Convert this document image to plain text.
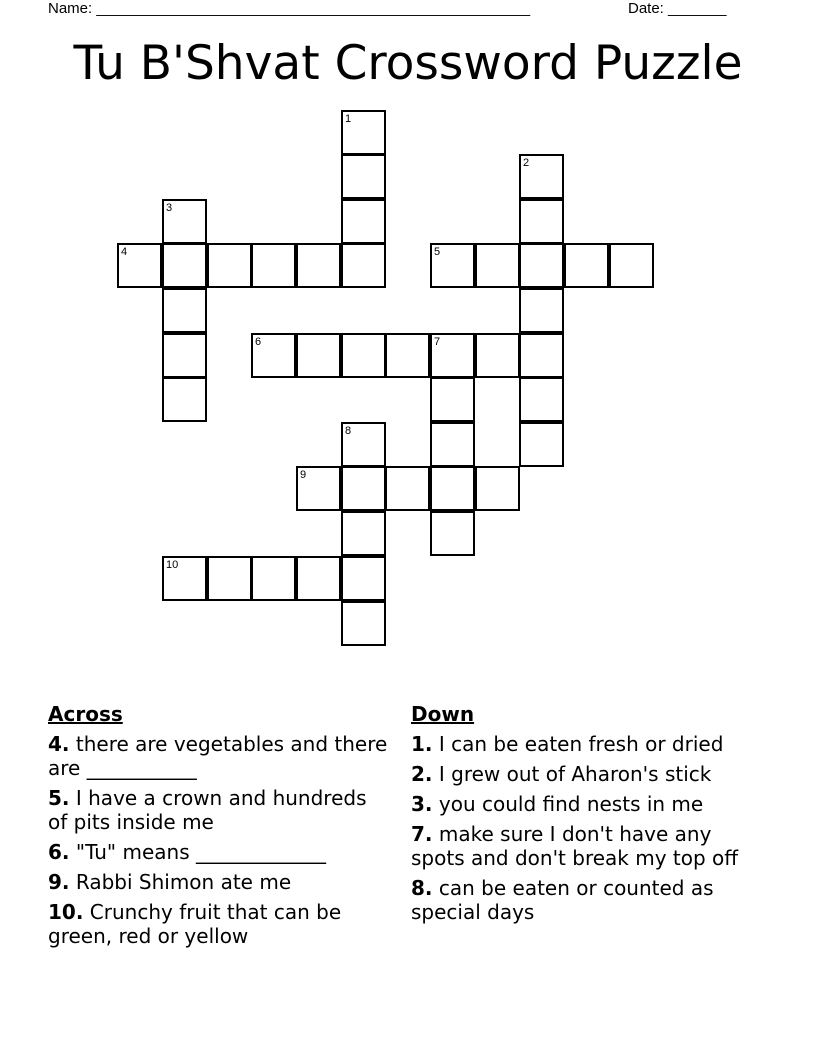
Name: ____________________________________________________	Date: _______
Tu B'Shvat Crossword Puzzle
1
2
3
4	5
6	7
8
9
10
Across
4. there are vegetables and there are ___________
5. I have a crown and hundreds of pits inside me
6. "Tu" means _____________
9. Rabbi Shimon ate me
10. Crunchy fruit that can be green, red or yellow
Down
1. I can be eaten fresh or dried
2. I grew out of Aharon's stick
3. you could find nests in me
7. make sure I don't have any spots and don't break my top off
8. can be eaten or counted as special days
